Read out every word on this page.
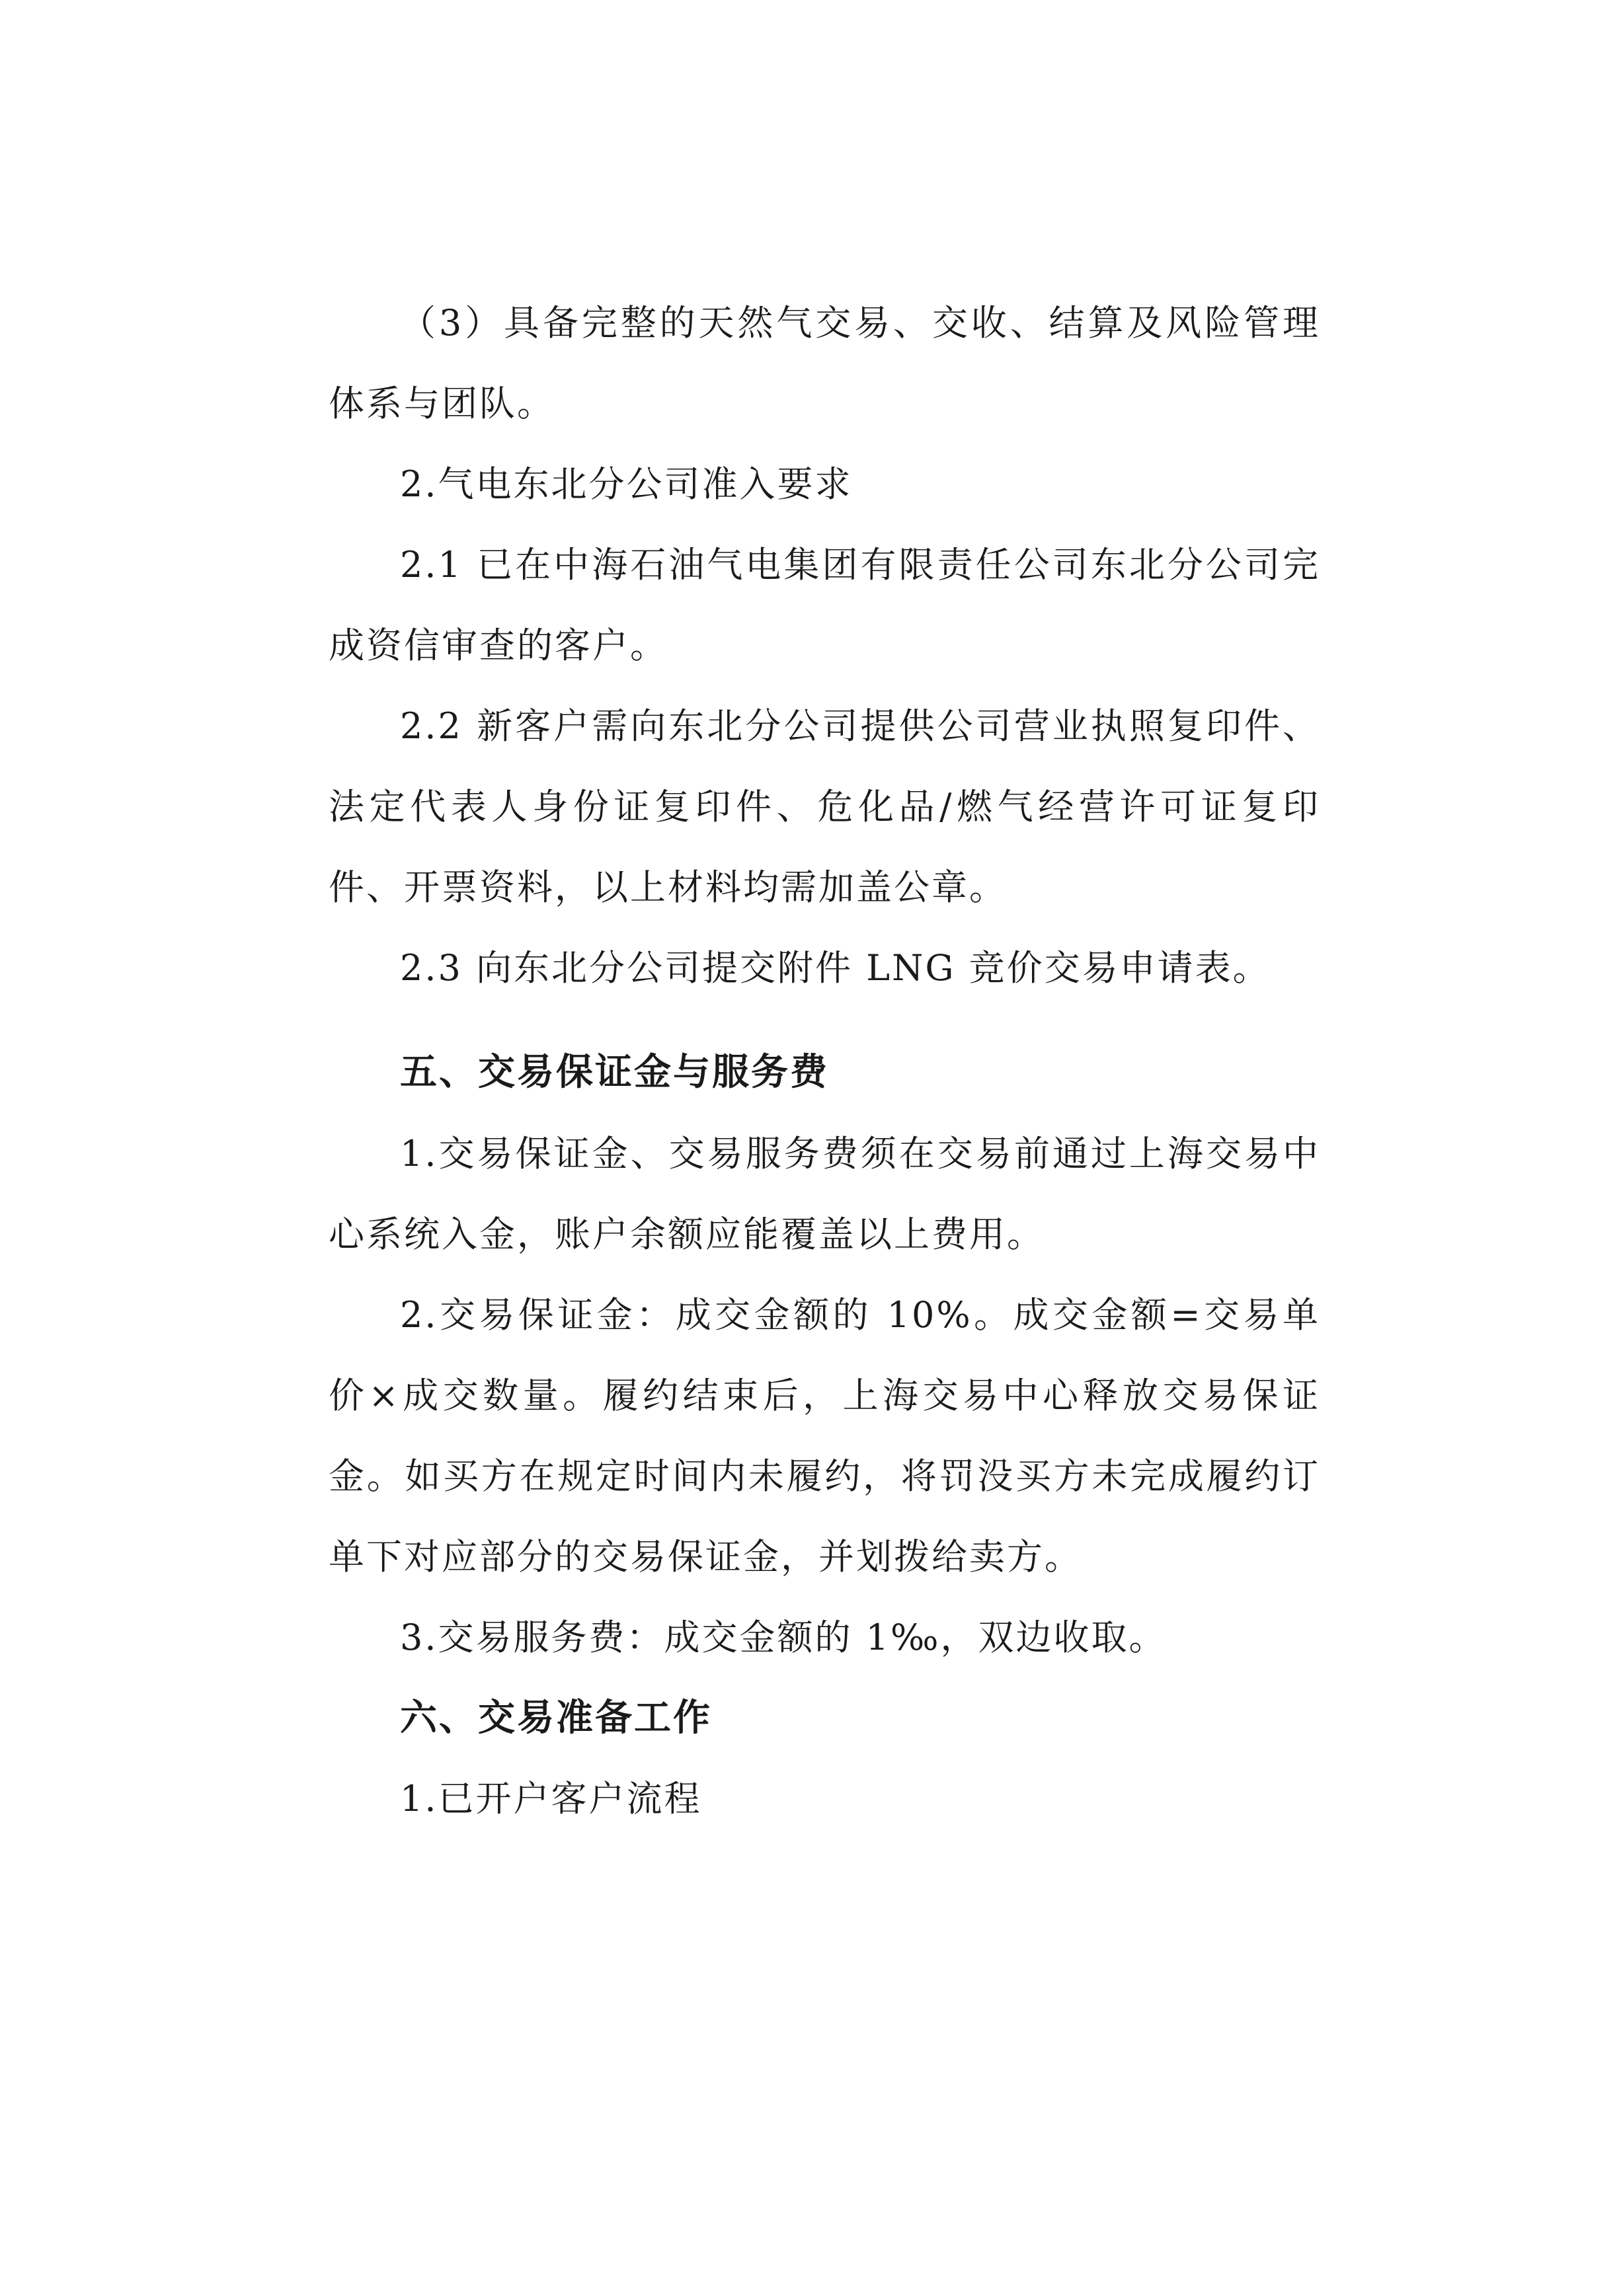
（3）具备完整的天然气交易、交收、结算及风险管理体系与团队。

2.气电东北分公司准入要求

2.1 已在中海石油气电集团有限责任公司东北分公司完成资信审查的客户。

2.2 新客户需向东北分公司提供公司营业执照复印件、法定代表人身份证复印件、危化品/燃气经营许可证复印件、开票资料，以上材料均需加盖公章。

2.3 向东北分公司提交附件 LNG 竞价交易申请表。

五、交易保证金与服务费

1.交易保证金、交易服务费须在交易前通过上海交易中心系统入金，账户余额应能覆盖以上费用。

2.交易保证金：成交金额的 10%。成交金额=交易单价×成交数量。履约结束后，上海交易中心释放交易保证金。如买方在规定时间内未履约，将罚没买方未完成履约订单下对应部分的交易保证金，并划拨给卖方。

3.交易服务费：成交金额的 1‰，双边收取。

六、交易准备工作

1.已开户客户流程
